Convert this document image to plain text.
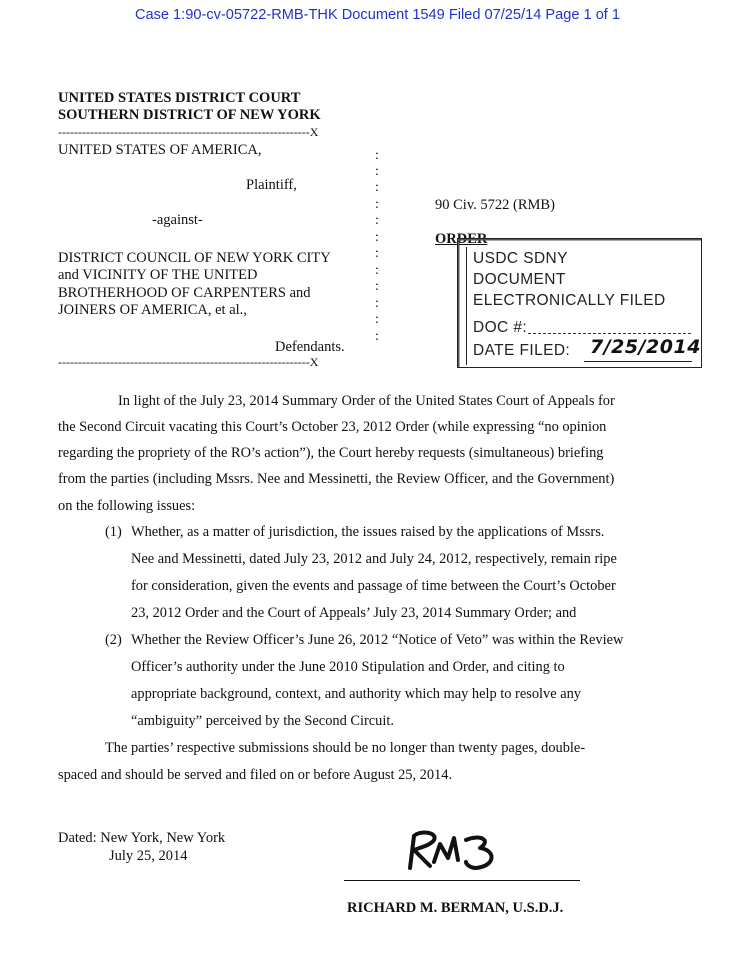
Case 1:90-cv-05722-RMB-THK Document 1549 Filed 07/25/14 Page 1 of 1
UNITED STATES DISTRICT COURT
SOUTHERN DISTRICT OF NEW YORK
---------------------------------------------------------------X
UNITED STATES OF AMERICA,
Plaintiff,
-against-
DISTRICT COUNCIL OF NEW YORK CITY
and VICINITY OF THE UNITED
BROTHERHOOD OF CARPENTERS and
JOINERS OF AMERICA, et al.,
Defendants.
---------------------------------------------------------------X
:
:
:
:
:
:
:
:
:
:
:
:
90 Civ. 5722 (RMB)
ORDER
USDC SDNY
DOCUMENT
ELECTRONICALLY FILED
DOC #:
DATE FILED: 7/25/2014
In light of the July 23, 2014 Summary Order of the United States Court of Appeals for
the Second Circuit vacating this Court’s October 23, 2012 Order (while expressing “no opinion
regarding the propriety of the RO’s action”), the Court hereby requests (simultaneous) briefing
from the parties (including Mssrs. Nee and Messinetti, the Review Officer, and the Government)
on the following issues:
(1) Whether, as a matter of jurisdiction, the issues raised by the applications of Mssrs.
Nee and Messinetti, dated July 23, 2012 and July 24, 2012, respectively, remain ripe
for consideration, given the events and passage of time between the Court’s October
23, 2012 Order and the Court of Appeals’ July 23, 2014 Summary Order; and
(2) Whether the Review Officer’s June 26, 2012 “Notice of Veto” was within the Review
Officer’s authority under the June 2010 Stipulation and Order, and citing to
appropriate background, context, and authority which may help to resolve any
“ambiguity” perceived by the Second Circuit.
The parties’ respective submissions should be no longer than twenty pages, double-
spaced and should be served and filed on or before August 25, 2014.
Dated: New York, New York
July 25, 2014
RICHARD M. BERMAN, U.S.D.J.
